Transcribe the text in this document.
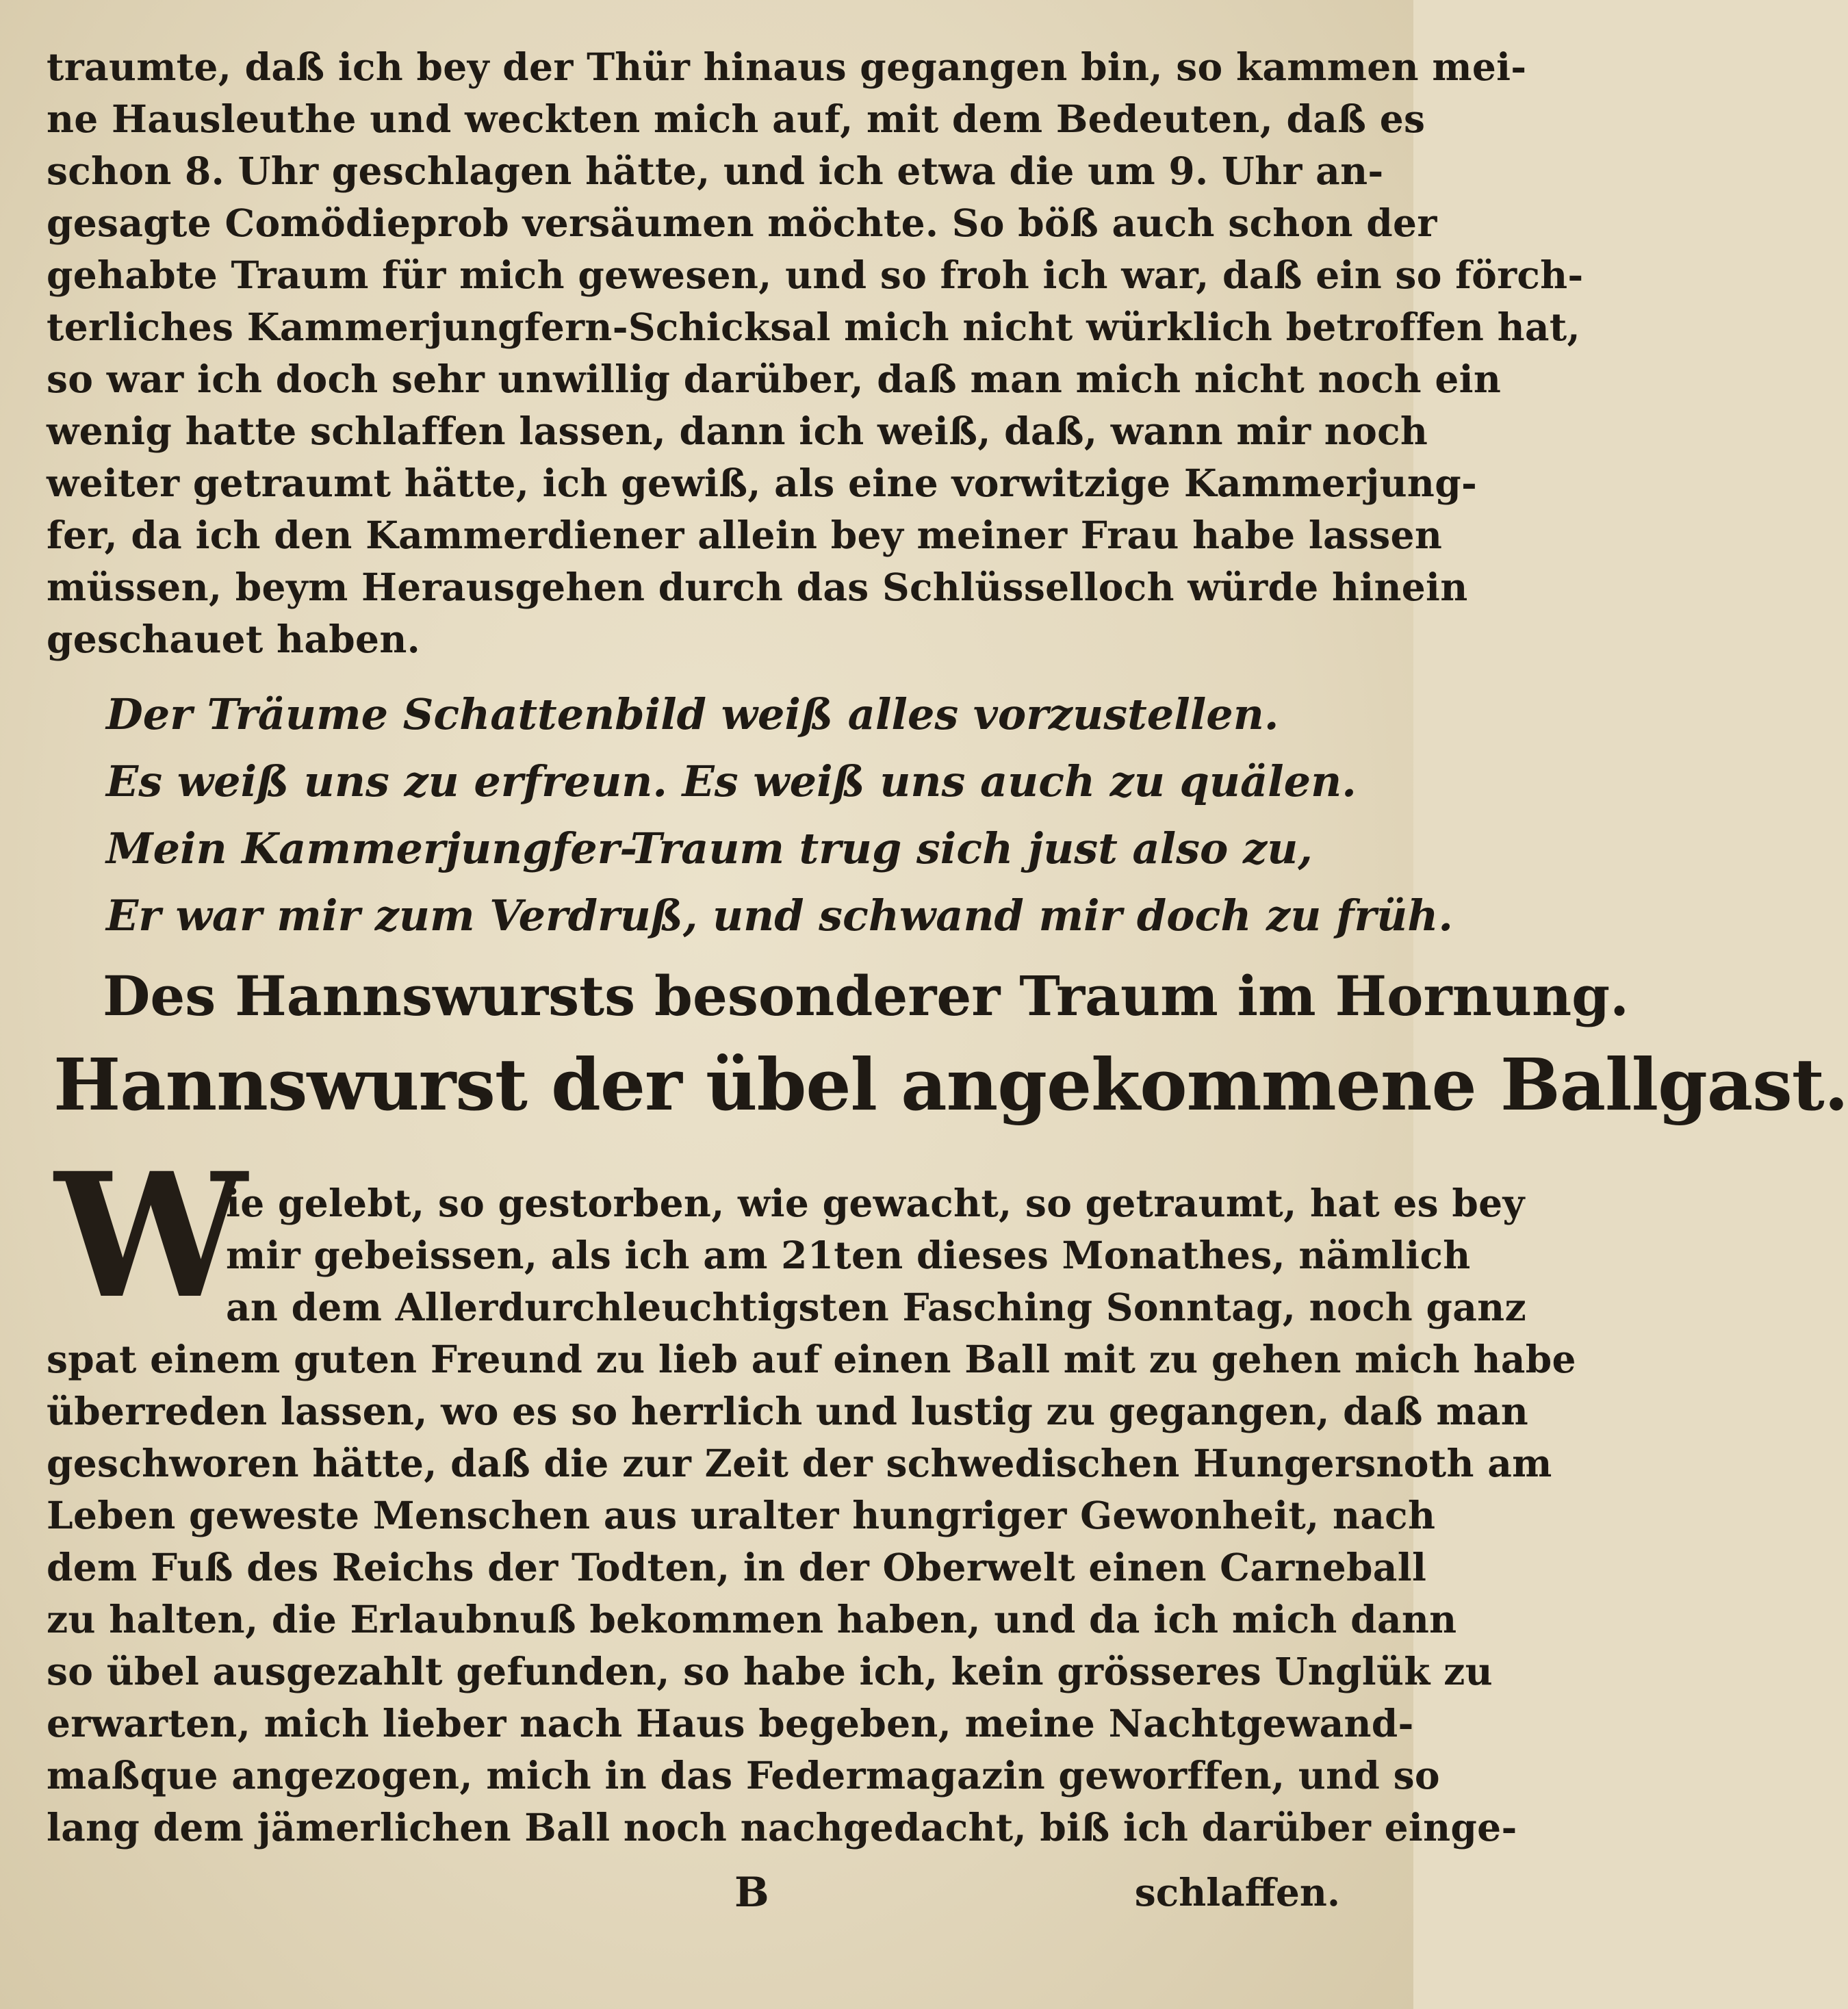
traumte, daß ich bey der Thür hinaus gegangen bin, so kammen mei-
ne Hausleuthe und weckten mich auf, mit dem Bedeuten, daß es
schon 8. Uhr geschlagen hätte, und ich etwa die um 9. Uhr an-
gesagte Comödieprob versäumen möchte. So böß auch schon der
gehabte Traum für mich gewesen, und so froh ich war, daß ein so förch-
terliches Kammerjungfern-Schicksal mich nicht würklich betroffen hat,
so war ich doch sehr unwillig darüber, daß man mich nicht noch ein
wenig hatte schlaffen lassen, dann ich weiß, daß, wann mir noch
weiter getraumt hätte, ich gewiß, als eine vorwitzige Kammerjung-
fer, da ich den Kammerdiener allein bey meiner Frau habe lassen
müssen, beym Herausgehen durch das Schlüsselloch würde hinein
geschauet haben.
Der Träume Schattenbild weiß alles vorzustellen.
Es weiß uns zu erfreun. Es weiß uns auch zu quälen.
Mein Kammerjungfer-Traum trug sich just also zu,
Er war mir zum Verdruß, und schwand mir doch zu früh.
Des Hannswursts besonderer Traum im Hornung.
Hannswurst der übel angekommene Ballgast.
W
ie gelebt, so gestorben, wie gewacht, so getraumt, hat es bey
mir gebeissen, als ich am 21ten dieses Monathes, nämlich
an dem Allerdurchleuchtigsten Fasching Sonntag, noch ganz
spat einem guten Freund zu lieb auf einen Ball mit zu gehen mich habe
überreden lassen, wo es so herrlich und lustig zu gegangen, daß man
geschworen hätte, daß die zur Zeit der schwedischen Hungersnoth am
Leben geweste Menschen aus uralter hungriger Gewonheit, nach
dem Fuß des Reichs der Todten, in der Oberwelt einen Carneball
zu halten, die Erlaubnuß bekommen haben, und da ich mich dann
so übel ausgezahlt gefunden, so habe ich, kein grösseres Unglük zu
erwarten, mich lieber nach Haus begeben, meine Nachtgewand-
maßque angezogen, mich in das Federmagazin geworffen, und so
lang dem jämerlichen Ball noch nachgedacht, biß ich darüber einge-
B	schlaffen.
